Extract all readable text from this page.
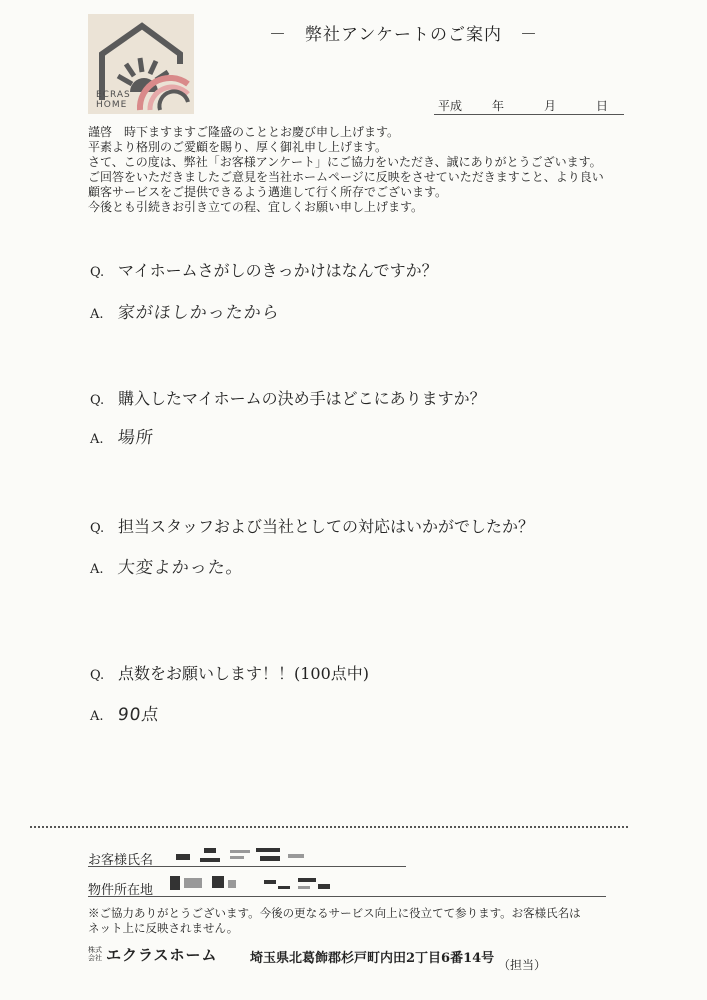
ECRAS
HOME
－　弊社アンケートのご案内　－
平成 年	月	日
謹啓　時下ますますご隆盛のこととお慶び申し上げます。
平素より格別のご愛顧を賜り、厚く御礼申し上げます。
さて、この度は、弊社「お客様アンケート」にご協力をいただき、誠にありがとうございます。
ご回答をいただきましたご意見を当社ホームページに反映をさせていただきますこと、より良い
顧客サービスをご提供できるよう邁進して行く所存でございます。
今後とも引続きお引き立ての程、宜しくお願い申し上げます。
Q. マイホームさがしのきっかけはなんですか？
A. 家がほしかったから
Q. 購入したマイホームの決め手はどこにありますか？
A. 場所
Q. 担当スタッフおよび当社としての対応はいかがでしたか？
A. 大変よかった。
Q. 点数をお願いします！！(100点中)
A. 90点
お客様氏名
物件所在地
※ご協力ありがとうございます。今後の更なるサービス向上に役立てて参ります。お客様氏名は
ネット上に反映されません。
株式会社 エクラスホーム 埼玉県北葛飾郡杉戸町内田2丁目6番14号 （担当）
